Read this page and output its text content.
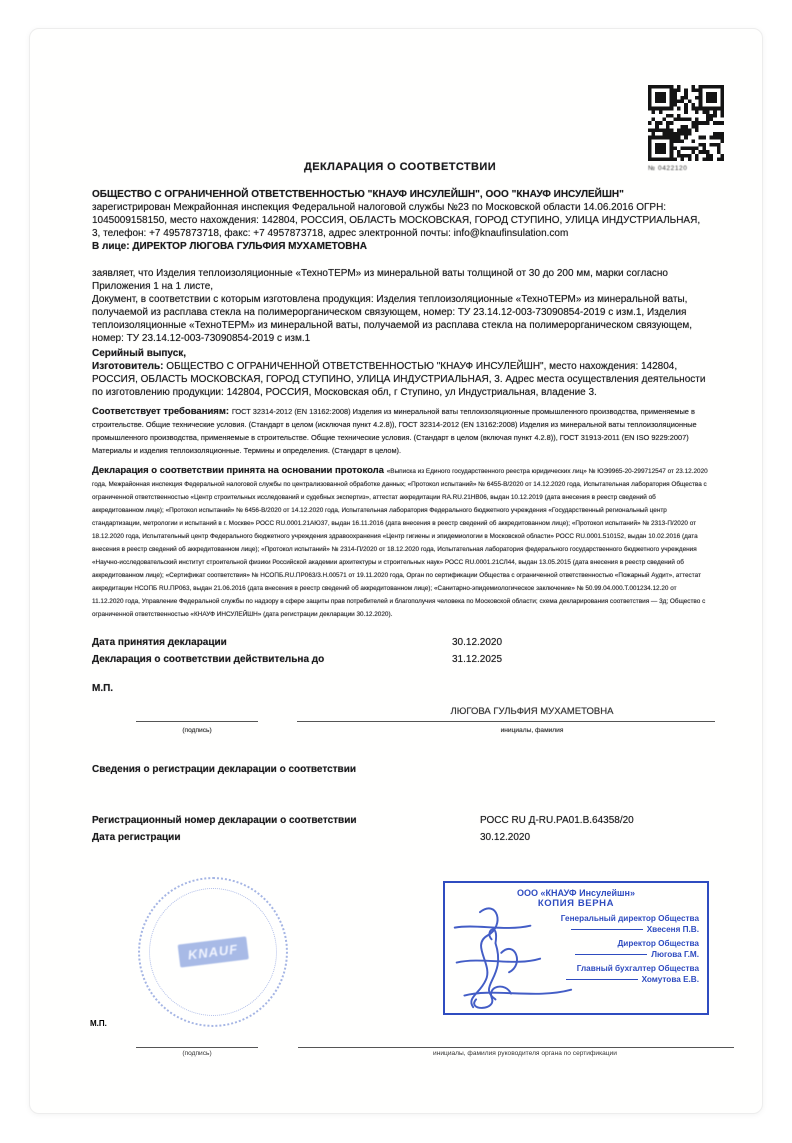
№ 0422120
ДЕКЛАРАЦИЯ О СООТВЕТСТВИИ
ОБЩЕСТВО С ОГРАНИЧЕННОЙ ОТВЕТСТВЕННОСТЬЮ "КНАУФ ИНСУЛЕЙШН", ООО "КНАУФ ИНСУЛЕЙШН"
зарегистрирован Межрайонная инспекция Федеральной налоговой службы №23 по Московской области 14.06.2016 ОГРН: 1045009158150, место нахождения: 142804, РОССИЯ, ОБЛАСТЬ МОСКОВСКАЯ, ГОРОД СТУПИНО, УЛИЦА ИНДУСТРИАЛЬНАЯ, 3, телефон: +7 4957873718, факс: +7 4957873718, адрес электронной почты: info@knaufinsulation.com
В лице: ДИРЕКТОР ЛЮГОВА ГУЛЬФИЯ МУХАМЕТОВНА
заявляет, что Изделия теплоизоляционные «ТехноТЕРМ» из минеральной ваты толщиной от 30 до 200 мм, марки согласно Приложения 1 на 1 листе,
Документ, в соответствии с которым изготовлена продукция: Изделия теплоизоляционные «ТехноТЕРМ» из минеральной ваты, получаемой из расплава стекла на полимерорганическом связующем, номер: ТУ 23.14.12-003-73090854-2019 с изм.1, Изделия теплоизоляционные «ТехноТЕРМ» из минеральной ваты, получаемой из расплава стекла на полимерорганическом связующем, номер: ТУ 23.14.12-003-73090854-2019 с изм.1
Серийный выпуск,
Изготовитель: ОБЩЕСТВО С ОГРАНИЧЕННОЙ ОТВЕТСТВЕННОСТЬЮ "КНАУФ ИНСУЛЕЙШН", место нахождения: 142804, РОССИЯ, ОБЛАСТЬ МОСКОВСКАЯ, ГОРОД СТУПИНО, УЛИЦА ИНДУСТРИАЛЬНАЯ, 3. Адрес места осуществления деятельности по изготовлению продукции: 142804, РОССИЯ, Московская обл, г Ступино, ул Индустриальная, владение 3.
Соответствует требованиям: ГОСТ 32314-2012 (EN 13162:2008) Изделия из минеральной ваты теплоизоляционные промышленного производства, применяемые в строительстве. Общие технические условия. (Стандарт в целом (исключая пункт 4.2.8)), ГОСТ 32314-2012 (EN 13162:2008) Изделия из минеральной ваты теплоизоляционные промышленного производства, применяемые в строительстве. Общие технические условия. (Стандарт в целом (включая пункт 4.2.8)), ГОСТ 31913-2011 (EN ISO 9229:2007) Материалы и изделия теплоизоляционные. Термины и определения. (Стандарт в целом).
Декларация о соответствии принята на основании протокола «Выписка из Единого государственного реестра юридических лиц» № ЮЭ9965-20-299712547 от 23.12.2020 года, Межрайонная инспекция Федеральной налоговой службы по централизованной обработке данных; «Протокол испытаний» № 6455-В/2020 от 14.12.2020 года, Испытательная лаборатория Общества с ограниченной ответственностью «Центр строительных исследований и судебных экспертиз», аттестат аккредитации RA.RU.21НВ06, выдан 10.12.2019 (дата внесения в реестр сведений об аккредитованном лице); «Протокол испытаний» № 6456-В/2020 от 14.12.2020 года, Испытательная лаборатория Федерального бюджетного учреждения «Государственный региональный центр стандартизации, метрологии и испытаний в г. Москве» РОСС RU.0001.21АЮ37, выдан 16.11.2016 (дата внесения в реестр сведений об аккредитованном лице); «Протокол испытаний» № 2313-П/2020 от 18.12.2020 года, Испытательный центр Федерального бюджетного учреждения здравоохранения «Центр гигиены и эпидемиологии в Московской области» РОСС RU.0001.510152, выдан 10.02.2016 (дата внесения в реестр сведений об аккредитованном лице); «Протокол испытаний» № 2314-П/2020 от 18.12.2020 года, Испытательная лаборатория федерального государственного бюджетного учреждения «Научно-исследовательский институт строительной физики Российской академии архитектуры и строительных наук» РОСС RU.0001.21СЛ44, выдан 13.05.2015 (дата внесения в реестр сведений об аккредитованном лице); «Сертификат соответствия» № НСОПБ.RU.ПР063/3.Н.00571 от 19.11.2020 года, Орган по сертификации Общества с ограниченной ответственностью «Пожарный Аудит», аттестат аккредитации НСОПБ RU.ПР063, выдан 21.06.2016 (дата внесения в реестр сведений об аккредитованном лице); «Санитарно-эпидемиологическое заключение» № 50.99.04.000.Т.001234.12.20 от 11.12.2020 года, Управление Федеральной службы по надзору в сфере защиты прав потребителей и благополучия человека по Московской области; схема декларирования соответствия — 3д; Общество с ограниченной ответственностью «КНАУФ ИНСУЛЕЙШН» (дата регистрации декларации 30.12.2020).
Дата принятия декларации	30.12.2020
Декларация о соответствии действительна до	31.12.2025
М.П.
ЛЮГОВА ГУЛЬФИЯ МУХАМЕТОВНА
(подпись)	инициалы, фамилия
Сведения о регистрации декларации о соответствии
Регистрационный номер декларации о соответствии	РОСС RU Д-RU.РА01.В.64358/20
Дата регистрации	30.12.2020
KNAUF
ООО «КНАУФ Инсулейшн»
КОПИЯ ВЕРНА
Генеральный директор Общества
Хвесеня П.В.
Директор Общества
Люгова Г.М.
Главный бухгалтер Общества
Хомутова Е.В.
М.П.
(подпись)	инициалы, фамилия руководителя органа по сертификации
